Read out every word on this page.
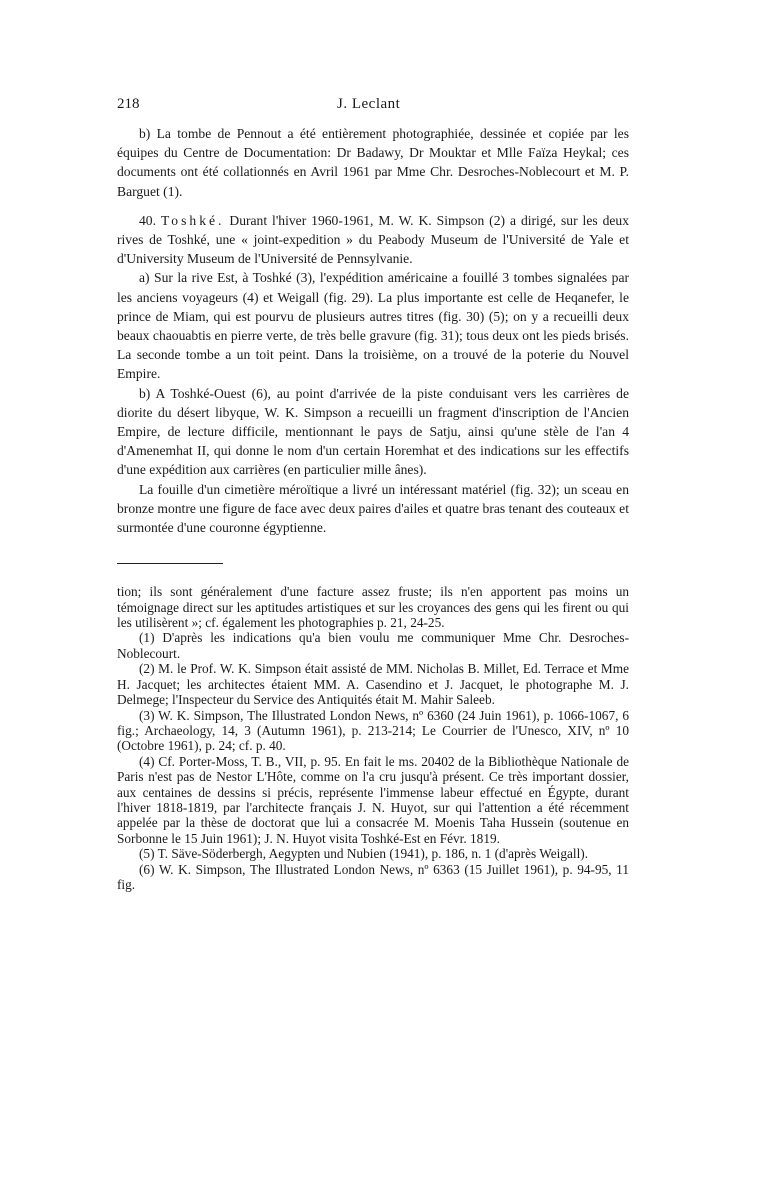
218	J. Leclant

b) La tombe de Pennout a été entièrement photographiée, dessinée et copiée par les équipes du Centre de Documentation: Dr Badawy, Dr Mouktar et Mlle Faïza Heykal; ces documents ont été collationnés en Avril 1961 par Mme Chr. Desroches-Noblecourt et M. P. Barguet (1).

40. Toshké. Durant l'hiver 1960-1961, M. W. K. Simpson (2) a dirigé, sur les deux rives de Toshké, une « joint-expedition » du Peabody Museum de l'Université de Yale et d'University Museum de l'Université de Pennsylvanie.

a) Sur la rive Est, à Toshké (3), l'expédition américaine a fouillé 3 tombes signalées par les anciens voyageurs (4) et Weigall (fig. 29). La plus importante est celle de Heqanefer, le prince de Miam, qui est pourvu de plusieurs autres titres (fig. 30) (5); on y a recueilli deux beaux chaouabtis en pierre verte, de très belle gravure (fig. 31); tous deux ont les pieds brisés. La seconde tombe a un toit peint. Dans la troisième, on a trouvé de la poterie du Nouvel Empire.

b) A Toshké-Ouest (6), au point d'arrivée de la piste conduisant vers les carrières de diorite du désert libyque, W. K. Simpson a recueilli un fragment d'inscription de l'Ancien Empire, de lecture difficile, mentionnant le pays de Satju, ainsi qu'une stèle de l'an 4 d'Amenemhat II, qui donne le nom d'un certain Horemhat et des indications sur les effectifs d'une expédition aux carrières (en particulier mille ânes).

La fouille d'un cimetière méroïtique a livré un intéressant matériel (fig. 32); un sceau en bronze montre une figure de face avec deux paires d'ailes et quatre bras tenant des couteaux et surmontée d'une couronne égyptienne.

tion; ils sont généralement d'une facture assez fruste; ils n'en apportent pas moins un témoignage direct sur les aptitudes artistiques et sur les croyances des gens qui les firent ou qui les utilisèrent »; cf. également les photographies p. 21, 24-25.

(1) D'après les indications qu'a bien voulu me communiquer Mme Chr. Desroches-Noblecourt.

(2) M. le Prof. W. K. Simpson était assisté de MM. Nicholas B. Millet, Ed. Terrace et Mme H. Jacquet; les architectes étaient MM. A. Casendino et J. Jacquet, le photographe M. J. Delmege; l'Inspecteur du Service des Antiquités était M. Mahir Saleeb.

(3) W. K. Simpson, The Illustrated London News, nº 6360 (24 Juin 1961), p. 1066-1067, 6 fig.; Archaeology, 14, 3 (Autumn 1961), p. 213-214; Le Courrier de l'Unesco, XIV, nº 10 (Octobre 1961), p. 24; cf. p. 40.

(4) Cf. Porter-Moss, T. B., VII, p. 95. En fait le ms. 20402 de la Bibliothèque Nationale de Paris n'est pas de Nestor L'Hôte, comme on l'a cru jusqu'à présent. Ce très important dossier, aux centaines de dessins si précis, représente l'immense labeur effectué en Égypte, durant l'hiver 1818-1819, par l'architecte français J. N. Huyot, sur qui l'attention a été récemment appelée par la thèse de doctorat que lui a consacrée M. Moenis Taha Hussein (soutenue en Sorbonne le 15 Juin 1961); J. N. Huyot visita Toshké-Est en Févr. 1819.

(5) T. Säve-Söderbergh, Aegypten und Nubien (1941), p. 186, n. 1 (d'après Weigall).

(6) W. K. Simpson, The Illustrated London News, nº 6363 (15 Juillet 1961), p. 94-95, 11 fig.
